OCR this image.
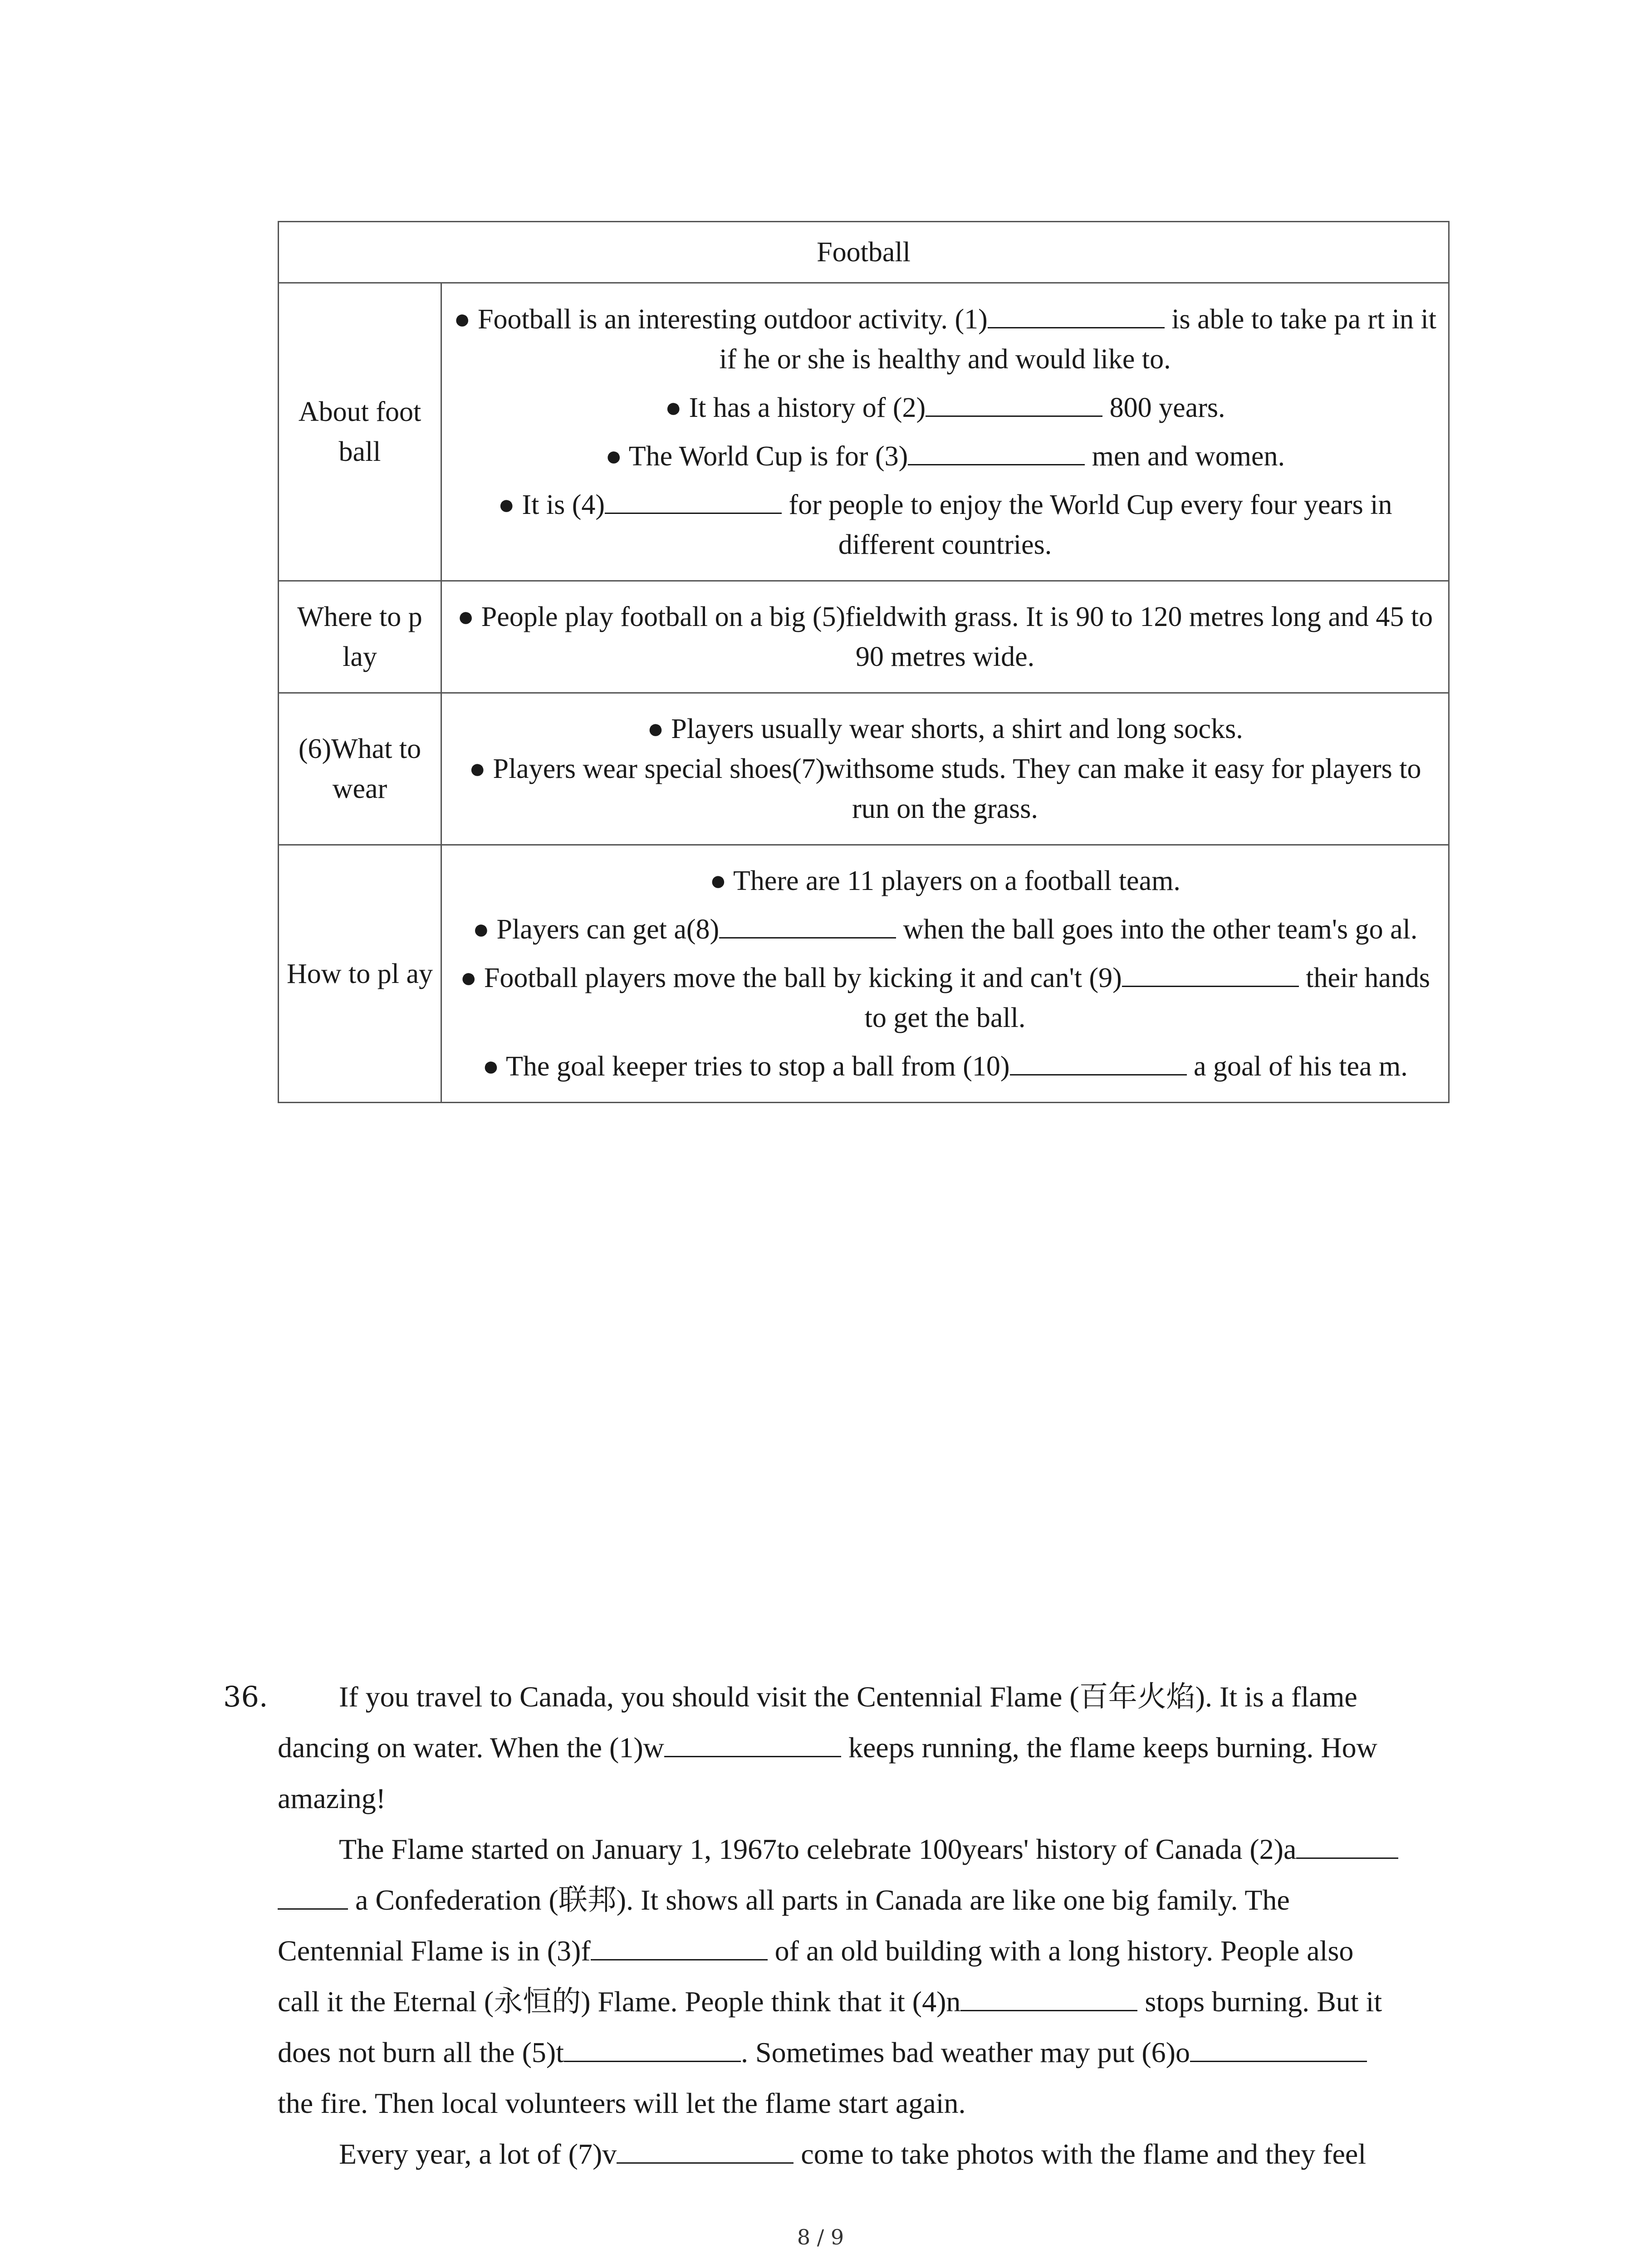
Football	
About foot ball	● Football is an interesting outdoor activity. (1) is able to take pa rt in it if he or she is healthy and would like to.
● It has a history of (2) 800 years.
● The World Cup is for (3) men and women.
● It is (4) for people to enjoy the World Cup every four years in different countries.

Where to p lay	● People play football on a big (5)fieldwith grass. It is 90 to 120 metres long and 45 to 90 metres wide.
(6)What to wear	● Players usually wear shorts, a shirt and long socks.
● Players wear special shoes(7)withsome studs. They can make it easy for players to run on the grass.

How to pl ay	● There are 11 players on a football team.
● Players can get a(8) when the ball goes into the other team's go al.
● Football players move the ball by kicking it and can't (9) their hands to get the ball.
● The goal keeper tries to stop a ball from (10) a goal of his tea m.
36.	If you travel to Canada, you should visit the Centennial Flame (百年火焰). It is a flame
dancing on water. When the (1)w	keeps running, the flame keeps burning. How
amazing!
The Flame started on January 1, 1967to celebrate 100years' history of Canada (2)a
a Confederation (联邦). It shows all parts in Canada are like one big family. The
Centennial Flame is in (3)f	of an old building with a long history. People also
call it the Eternal (永恒的) Flame. People think that it (4)n	stops burning. But it
does not burn all the (5)t	. Sometimes bad weather may put (6)o
the fire. Then local volunteers will let the flame start again.
Every year, a lot of (7)v	come to take photos with the flame and they feel
8 / 9
